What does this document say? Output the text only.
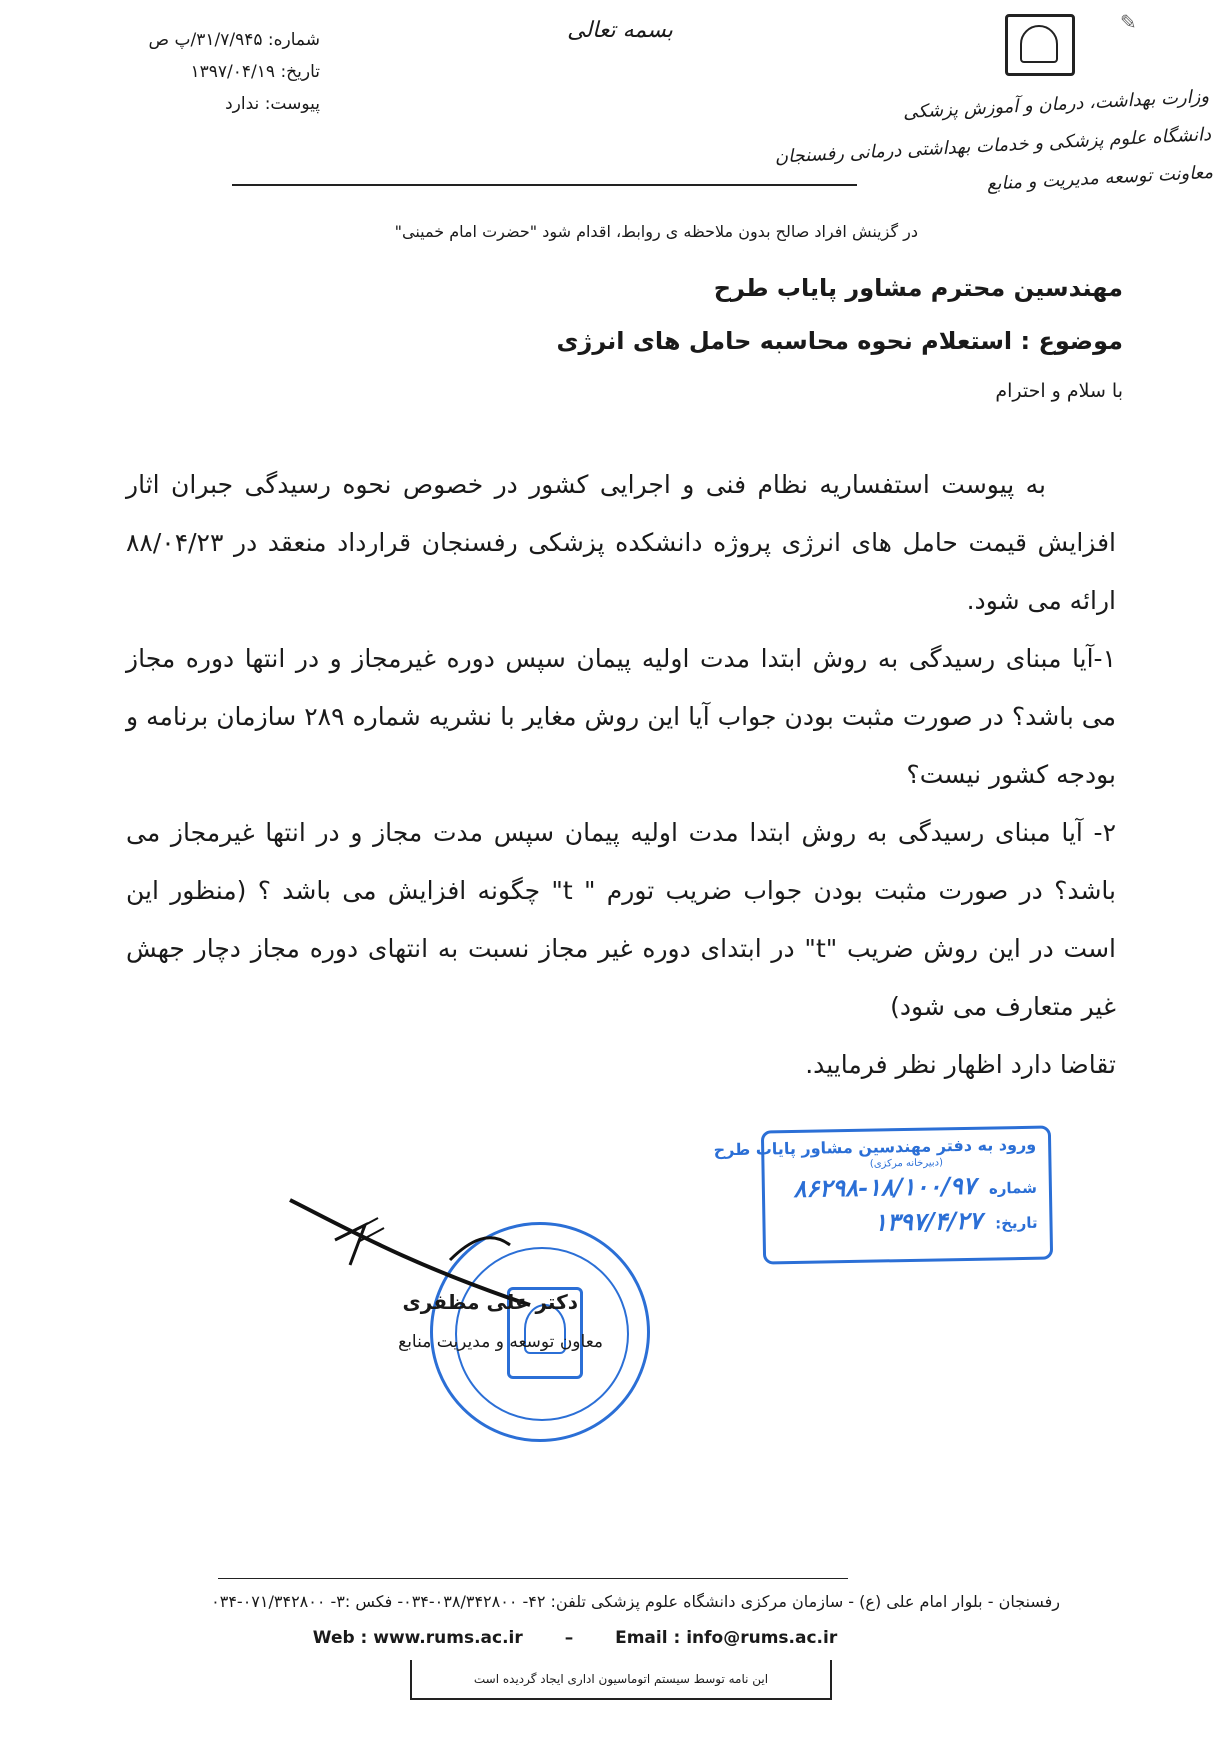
شماره: ۳۱/۷/۹۴۵/پ ص
تاریخ: ۱۳۹۷/۰۴/۱۹
پیوست: ندارد
بسمه تعالی	✎
وزارت بهداشت، درمان و آموزش پزشکی
دانشگاه علوم پزشکی و خدمات بهداشتی درمانی رفسنجان
معاونت توسعه مدیریت و منابع
در گزینش افراد صالح بدون ملاحظه ی روابط، اقدام شود "حضرت امام خمینی"
مهندسین محترم مشاور پایاب طرح
موضوع : استعلام نحوه محاسبه حامل های انرژی
با سلام و احترام

به پیوست استفساریه نظام فنی و اجرایی کشور در خصوص نحوه رسیدگی جبران اثار افزایش قیمت حامل های انرژی پروژه دانشکده پزشکی رفسنجان قرارداد منعقد در ۸۸/۰۴/۲۳ ارائه می شود.

۱-آیا مبنای رسیدگی به روش ابتدا مدت اولیه پیمان سپس دوره غیرمجاز و در انتها دوره مجاز می باشد؟ در صورت مثبت بودن جواب آیا این روش مغایر با نشریه شماره ۲۸۹ سازمان برنامه و بودجه کشور نیست؟

۲- آیا مبنای رسیدگی به روش ابتدا مدت اولیه پیمان سپس مدت مجاز و در انتها غیرمجاز می باشد؟ در صورت مثبت بودن جواب ضریب تورم " t" چگونه افزایش می باشد ؟ (منظور این است در این روش ضریب "t" در ابتدای دوره غیر مجاز نسبت به انتهای دوره مجاز دچار جهش غیر متعارف می شود)

تقاضا دارد اظهار نظر فرمایید.

ورود به دفتر مهندسین مشاور پایاب طرح
(دبیرخانه مرکزی)
شماره ۱۸/۱۰۰/۹۷-۸۶۲۹۸
تاریخ: ۱۳۹۷/۴/۲۷
دکتر علی مظفری
معاون توسعه و مدیریت منابع
رفسنجان - بلوار امام علی (ع) - سازمان مرکزی دانشگاه علوم پزشکی تلفن: ۴۲- ۰۳۸/۳۴۲۸۰۰-۰۳۴- فکس :۳- ۰۷۱/۳۴۲۸۰۰-۰۳۴
Web : www.rums.ac.ir – Email : info@rums.ac.ir
این نامه توسط سیستم اتوماسیون اداری ایجاد گردیده است
